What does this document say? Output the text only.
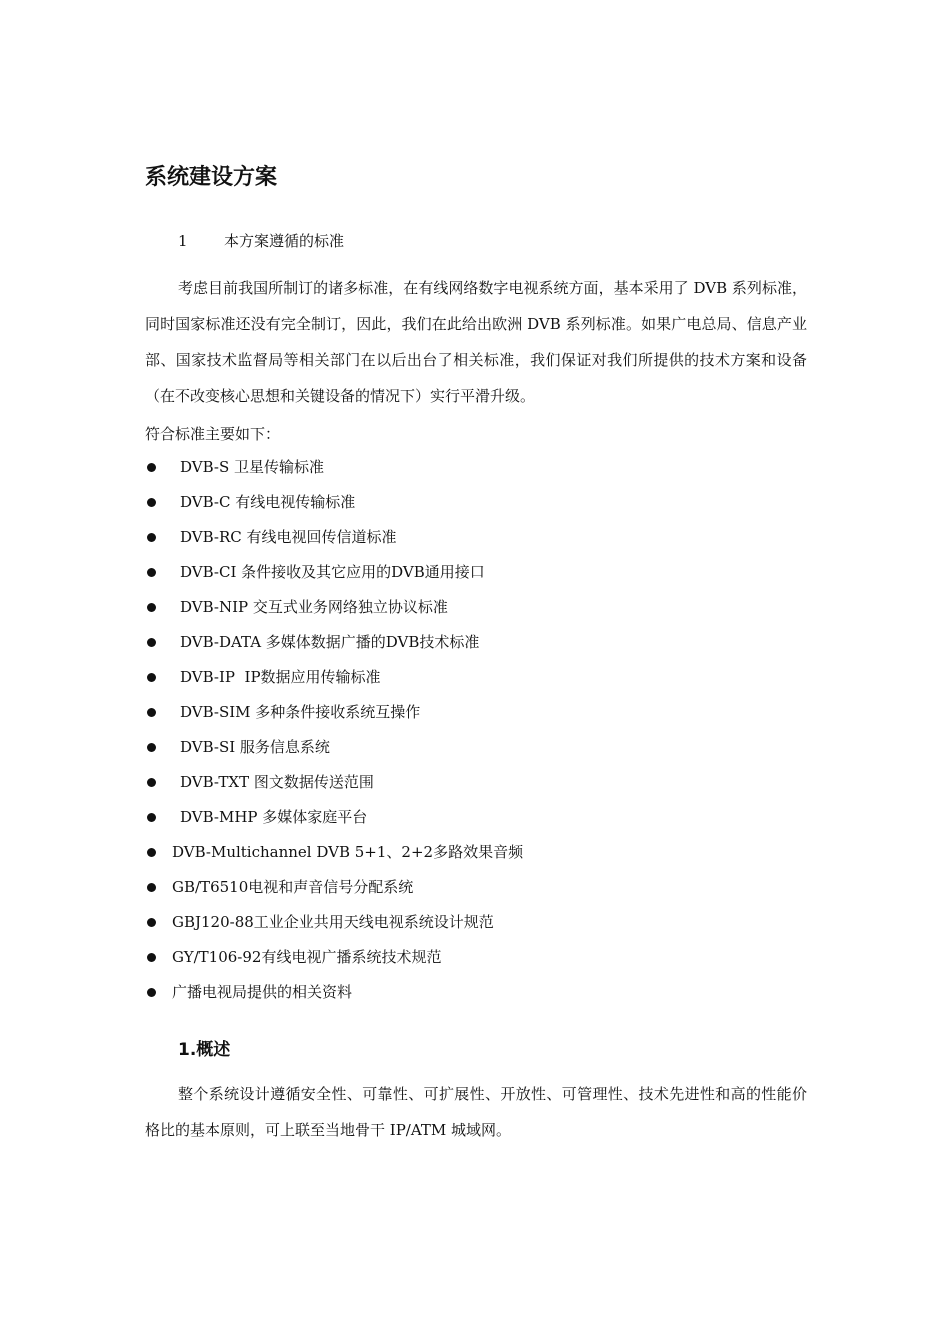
系统建设方案
1 本方案遵循的标准

考虑目前我国所制订的诸多标准，在有线网络数字电视系统方面，基本采用了 DVB 系列标准，同时国家标准还没有完全制订，因此，我们在此给出欧洲 DVB 系列标准。如果广电总局、信息产业部、国家技术监督局等相关部门在以后出台了相关标准，我们保证对我们所提供的技术方案和设备（在不改变核心思想和关键设备的情况下）实行平滑升级。

符合标准主要如下：

DVB-S 卫星传输标准
DVB-C 有线电视传输标准
DVB-RC 有线电视回传信道标准
DVB-CI 条件接收及其它应用的DVB通用接口
DVB-NIP 交互式业务网络独立协议标准
DVB-DATA 多媒体数据广播的DVB技术标准
DVB-IP  IP数据应用传输标准
DVB-SIM 多种条件接收系统互操作
DVB-SI 服务信息系统
DVB-TXT 图文数据传送范围
DVB-MHP 多媒体家庭平台
DVB-Multichannel DVB 5+1、2+2多路效果音频
GB/T6510电视和声音信号分配系统
GBJ120-88工业企业共用天线电视系统设计规范
GY/T106-92有线电视广播系统技术规范
广播电视局提供的相关资料
1.概述

整个系统设计遵循安全性、可靠性、可扩展性、开放性、可管理性、技术先进性和高的性能价格比的基本原则，可上联至当地骨干 IP/ATM 城域网。
